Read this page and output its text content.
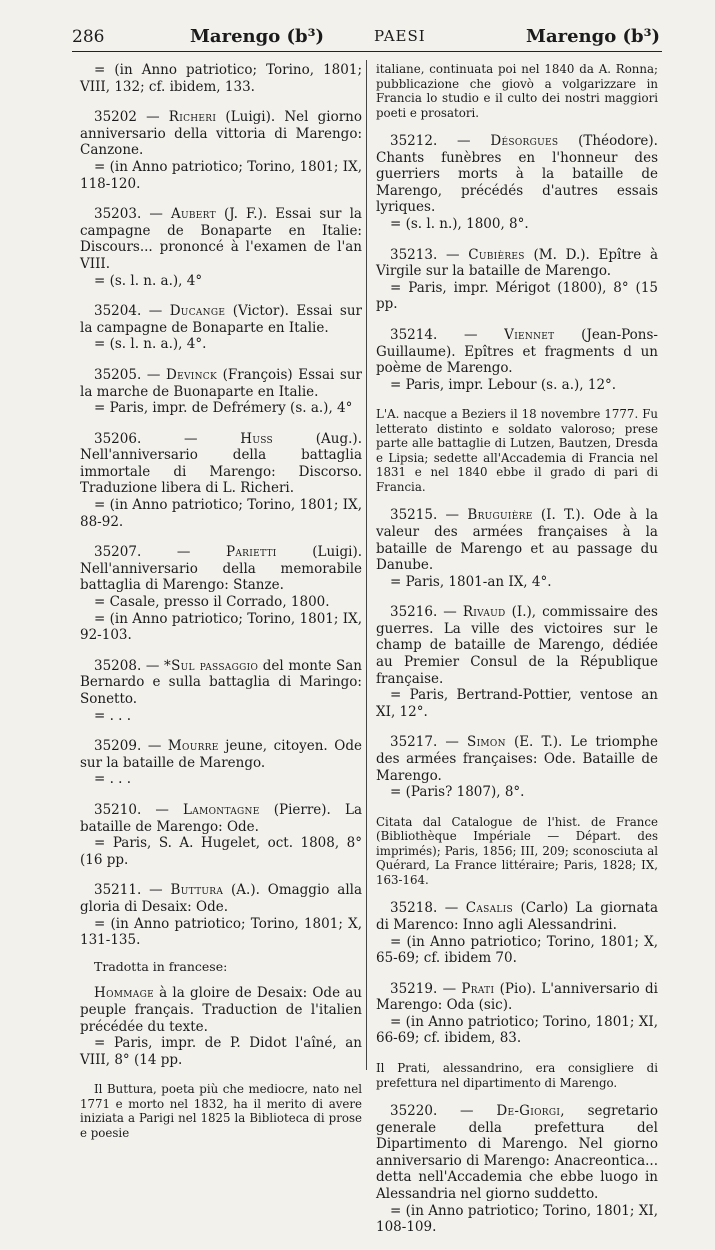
286	Marengo (b³)	PAESI	Marengo (b³)
= (in Anno patriotico; Torino, 1801; VIII, 132; cf. ibidem, 133.
35202 — Richeri (Luigi). Nel giorno anniversario della vittoria di Marengo: Canzone.
= (in Anno patriotico; Torino, 1801; IX, 118-120.
35203. — Aubert (J. F.). Essai sur la campagne de Bonaparte en Italie: Discours... prononcé à l'examen de l'an VIII.
= (s. l. n. a.), 4°
35204. — Ducange (Victor). Essai sur la campagne de Bonaparte en Italie.
= (s. l. n. a.), 4°.
35205. — Devinck (François) Essai sur la marche de Buonaparte en Italie.
= Paris, impr. de Defrémery (s. a.), 4°
35206. — Huss	(Aug.). Nell'anniversario della battaglia immortale di Marengo: Discorso. Traduzione libera di L. Richeri.
= (in Anno patriotico; Torino, 1801; IX, 88-92.
35207. — Parietti	(Luigi). Nell'anniversario della memorabile battaglia di Marengo: Stanze.
= Casale, presso il Corrado, 1800.
= (in Anno patriotico; Torino, 1801; IX, 92-103.
35208. — *Sul passaggio del monte San Bernardo e sulla battaglia di Maringo: Sonetto.
= . . .
35209. — Mourre jeune, citoyen. Ode sur la bataille de Marengo.
= . . .
35210. — Lamontagne (Pierre). La bataille de Marengo: Ode.
= Paris, S. A. Hugelet, oct. 1808, 8° (16 pp.
35211. — Buttura (A.). Omaggio alla gloria di Desaix: Ode.
= (in Anno patriotico; Torino, 1801; X, 131-135.
Tradotta in francese:
Hommage à la gloire de Desaix: Ode au peuple français. Traduction de l'italien précédée du texte.
= Paris, impr. de P. Didot l'aîné, an VIII, 8° (14 pp.
Il Buttura, poeta più che mediocre, nato nel 1771 e morto nel 1832, ha il merito di avere iniziata a Parigi nel 1825 la Biblioteca di prose e poesie
italiane, continuata poi nel 1840 da A. Ronna; pubblicazione che giovò a volgarizzare in Francia lo studio e il culto dei nostri maggiori poeti e prosatori.
35212. — Désorgues (Théodore). Chants funèbres en l'honneur des guerriers morts à la bataille de Marengo, précédés d'autres essais lyriques.
= (s. l. n.), 1800, 8°.
35213. — Cubières (M. D.). Epître à Virgile sur la bataille de Marengo.
= Paris, impr. Mérigot (1800), 8° (15 pp.
35214. — Viennet (Jean-Pons-Guillaume). Epîtres et fragments d un poème de Marengo.
= Paris, impr. Lebour (s. a.), 12°.
L'A. nacque a Beziers il 18 novembre 1777. Fu letterato distinto e soldato valoroso; prese parte alle battaglie di Lutzen, Bautzen, Dresda e Lipsia; sedette all'Accademia di Francia nel 1831 e nel 1840 ebbe il grado di pari di Francia.
35215. — Bruguière (I. T.). Ode à la valeur des armées françaises à la bataille de Marengo et au passage du Danube.
= Paris, 1801-an IX, 4°.
35216. — Rivaud (I.), commissaire des guerres. La ville des victoires sur le champ de bataille de Marengo, dédiée au Premier Consul de la République française.
= Paris, Bertrand-Pottier, ventose an XI, 12°.
35217. — Simon (E. T.). Le triomphe des armées françaises: Ode. Bataille de Marengo.
= (Paris? 1807), 8°.
Citata dal Catalogue de l'hist. de France (Bibliothèque Impériale — Départ. des imprimés); Paris, 1856; III, 209; sconosciuta al Quérard, La France littéraire; Paris, 1828; IX, 163-164.
35218. — Casalis (Carlo) La giornata di Marenco: Inno agli Alessandrini.
= (in Anno patriotico; Torino, 1801; X, 65-69; cf. ibidem 70.
35219. — Prati (Pio). L'anniversario di Marengo: Oda (sic).
= (in Anno patriotico; Torino, 1801; XI, 66-69; cf. ibidem, 83.
Il Prati, alessandrino, era consigliere di prefettura nel dipartimento di Marengo.
35220. — De-Giorgi, segretario generale della prefettura del Dipartimento di Marengo. Nel giorno anniversario di Marengo: Anacreontica... detta nell'Accademia che ebbe luogo in Alessandria nel giorno suddetto.
= (in Anno patriotico; Torino, 1801; XI, 108-109.
